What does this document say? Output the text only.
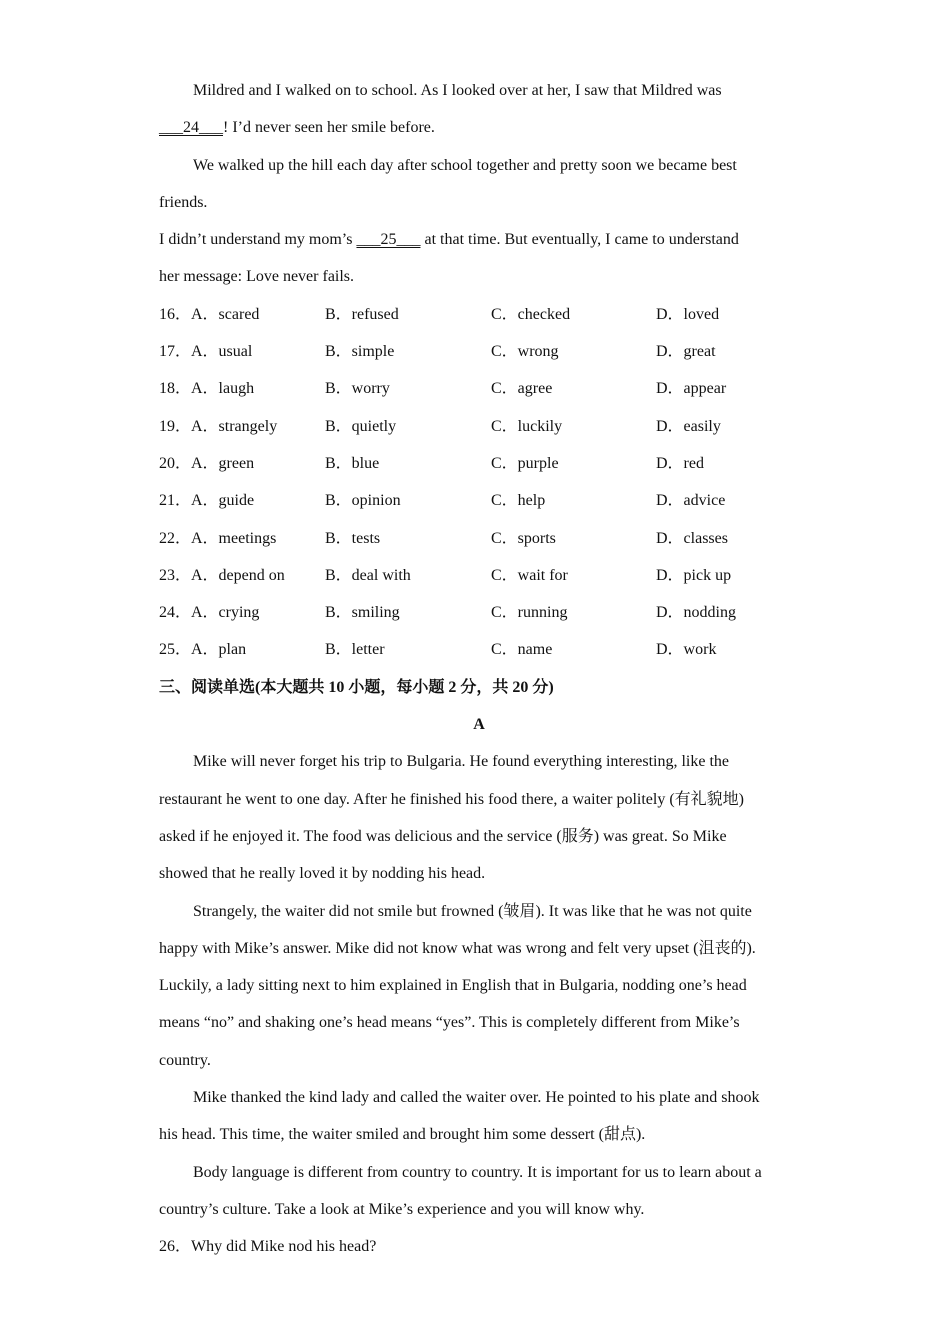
Mildred and I walked on to school. As I looked over at her, I saw that Mildred was
___24___! I’d never seen her smile before.
We walked up the hill each day after school together and pretty soon we became best
friends.
I didn’t understand my mom’s ___25___ at that time. But eventually, I came to understand
her message: Love never fails.
16．A．scared	B．refused	C．checked	D．loved
17．A．usual	B．simple	C．wrong	D．great
18．A．laugh	B．worry	C．agree	D．appear
19．A．strangely	B．quietly	C．luckily	D．easily
20．A．green	B．blue	C．purple	D．red
21．A．guide	B．opinion	C．help	D．advice
22．A．meetings	B．tests	C．sports	D．classes
23．A．depend on	B．deal with	C．wait for	D．pick up
24．A．crying	B．smiling	C．running	D．nodding
25．A．plan	B．letter	C．name	D．work
三、阅读单选(本大题共 10 小题，每小题 2 分，共 20 分)
A
Mike will never forget his trip to Bulgaria. He found everything interesting, like the
restaurant he went to one day. After he finished his food there, a waiter politely (有礼貌地)
asked if he enjoyed it. The food was delicious and the service (服务) was great. So Mike
showed that he really loved it by nodding his head.
Strangely, the waiter did not smile but frowned (皱眉). It was like that he was not quite
happy with Mike’s answer. Mike did not know what was wrong and felt very upset (沮丧的).
Luckily, a lady sitting next to him explained in English that in Bulgaria, nodding one’s head
means “no” and shaking one’s head means “yes”. This is completely different from Mike’s
country.
Mike thanked the kind lady and called the waiter over. He pointed to his plate and shook
his head. This time, the waiter smiled and brought him some dessert (甜点).
Body language is different from country to country. It is important for us to learn about a
country’s culture. Take a look at Mike’s experience and you will know why.
26．Why did Mike nod his head?
